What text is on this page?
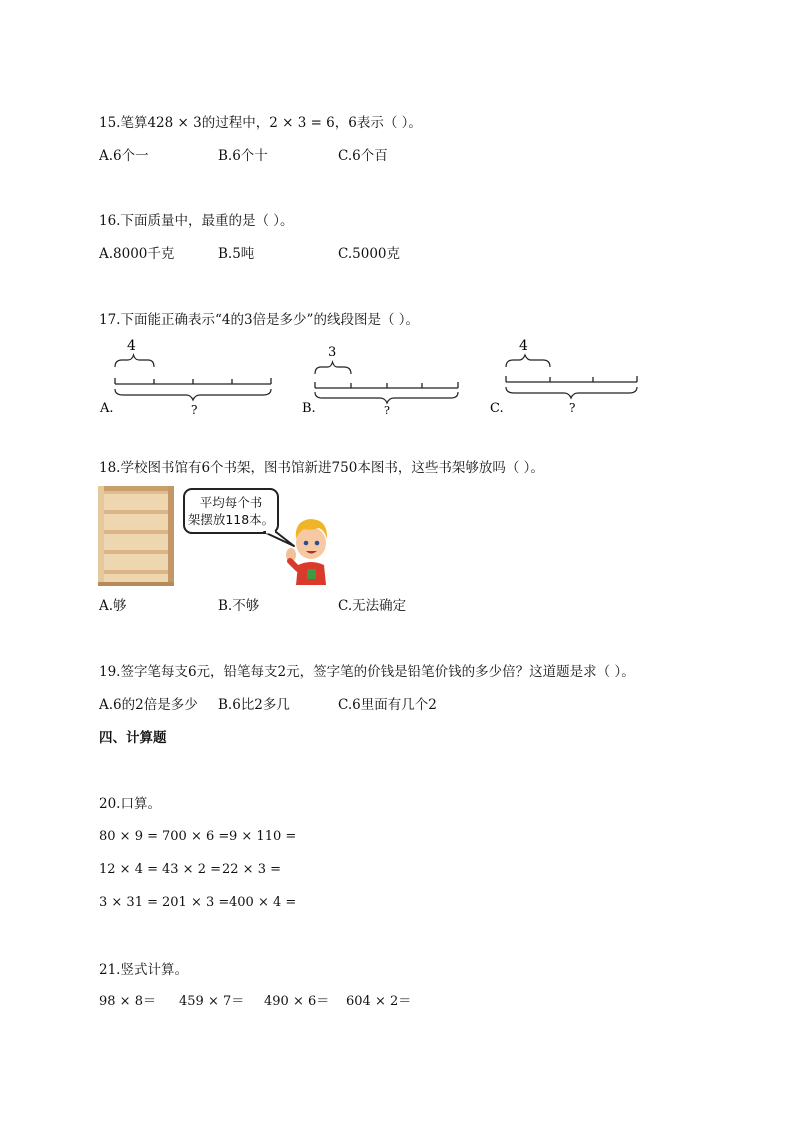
15.笔算428 × 3的过程中，2 × 3 = 6，6表示（ ）。
A.6个一	B.6个十	C.6个百
16.下面质量中，最重的是（ ）。
A.8000千克	B.5吨	C.5000克
17.下面能正确表示“4的3倍是多少”的线段图是（ ）。
A.
4
?	B.
3
?	C.
4
?
18.学校图书馆有6个书架，图书馆新进750本图书，这些书架够放吗（ ）。
平均每个书
架摆放118本。
A.够	B.不够	C.无法确定
19.签字笔每支6元，铅笔每支2元，签字笔的价钱是铅笔价钱的多少倍？这道题是求（ ）。
A.6的2倍是多少 B.6比2多几	C.6里面有几个2
四、计算题
20.口算。
80 × 9 = 700 × 6 = 9 × 110 =
12 × 4 = 43 × 2 = 22 × 3 =
3 × 31 = 201 × 3 = 400 × 4 =
21.竖式计算。
98 × 8＝ 459 × 7＝ 490 × 6＝ 604 × 2＝
